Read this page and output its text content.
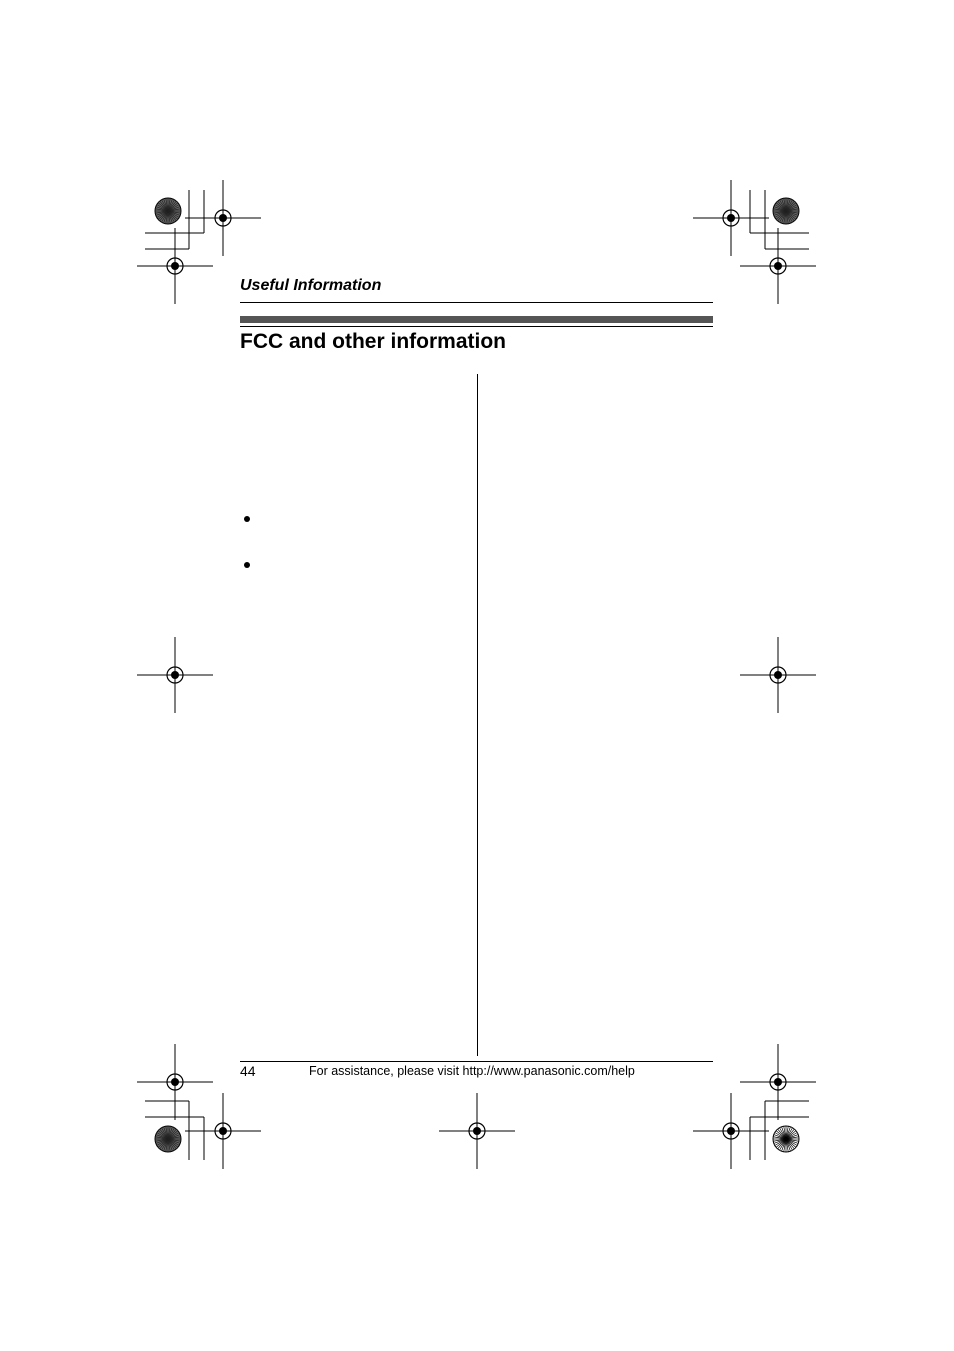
Useful Information
FCC and other information
44	For assistance, please visit http://www.panasonic.com/help
